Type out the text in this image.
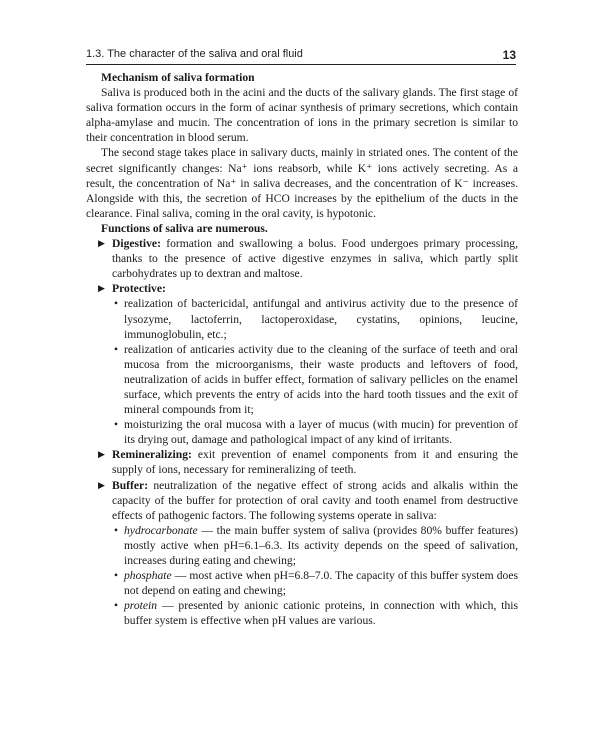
1.3. The character of the saliva and oral fluid	13

Mechanism of saliva formation

Saliva is produced both in the acini and the ducts of the salivary glands. The first stage of saliva formation occurs in the form of acinar synthesis of primary secretions, which contain alpha-amylase and mucin. The concentration of ions in the primary secretion is similar to their concentration in blood serum.

The second stage takes place in salivary ducts, mainly in striated ones. The content of the secret significantly changes: Na⁺ ions reabsorb, while K⁺ ions actively secreting. As a result, the concentration of Na⁺ in saliva decreases, and the concentration of K⁻ increases. Alongside with this, the secretion of HCO increases by the epithelium of the ducts in the clearance. Final saliva, coming in the oral cavity, is hypotonic.

Functions of saliva are numerous.

▶ Digestive: formation and swallowing a bolus. Food undergoes primary processing, thanks to the presence of active digestive enzymes in saliva, which partly split carbohydrates up to dextran and maltose.
▶ Protective:
• realization of bactericidal, antifungal and antivirus activity due to the presence of lysozyme, lactoferrin, lactoperoxidase, cystatins, opinions, leucine, immunoglobulin, etc.;
• realization of anticaries activity due to the cleaning of the surface of teeth and oral mucosa from the microorganisms, their waste products and leftovers of food, neutralization of acids in buffer effect, formation of salivary pellicles on the enamel surface, which prevents the entry of acids into the hard tooth tissues and the exit of mineral compounds from it;
• moisturizing the oral mucosa with a layer of mucus (with mucin) for prevention of its drying out, damage and pathological impact of any kind of irritants.
▶ Remineralizing: exit prevention of enamel components from it and ensuring the supply of ions, necessary for remineralizing of teeth.
▶ Buffer: neutralization of the negative effect of strong acids and alkalis within the capacity of the buffer for protection of oral cavity and tooth enamel from destructive effects of pathogenic factors. The following systems operate in saliva:
• hydrocarbonate — the main buffer system of saliva (provides 80% buffer features) mostly active when pH=6.1–6.3. Its activity depends on the speed of salivation, increases during eating and chewing;
• phosphate — most active when pH=6.8–7.0. The capacity of this buffer system does not depend on eating and chewing;
• protein — presented by anionic cationic proteins, in connection with which, this buffer system is effective when pH values are various.
